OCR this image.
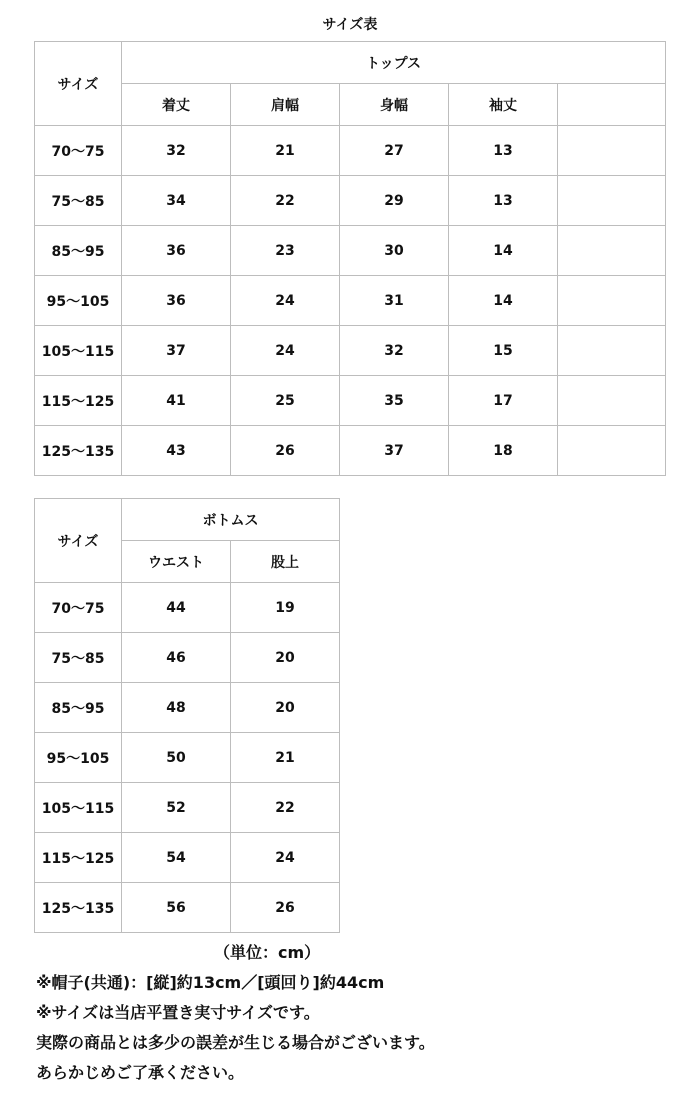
サイズ表
サイズ	トップス				
	着丈	肩幅	身幅	袖丈	
70～75	32	21	27	13	
75～85	34	22	29	13	
85～95	36	23	30	14	
95～105	36	24	31	14	
105～115	37	24	32	15	
115～125	41	25	35	17	
125～135	43	26	37	18	
サイズ	ボトムス	
	ウエスト	股上
70～75	44	19
75～85	46	20
85～95	48	20
95～105	50	21
105～115	52	22
115～125	54	24
125～135	56	26
（単位：cm）
※帽子(共通)：[縦]約13cm／[頭回り]約44cm
※サイズは当店平置き実寸サイズです。
実際の商品とは多少の誤差が生じる場合がございます。
あらかじめご了承ください。
